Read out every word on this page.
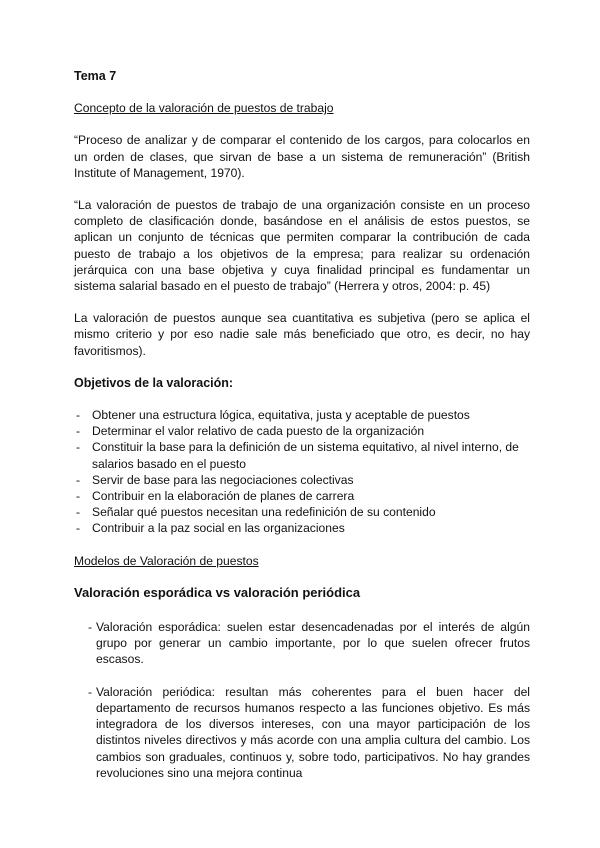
Tema 7
Concepto de la valoración de puestos de trabajo
“Proceso de analizar y de comparar el contenido de los cargos, para colocarlos en un orden de clases, que sirvan de base a un sistema de remuneración” (British Institute of Management, 1970).
“La valoración de puestos de trabajo de una organización consiste en un proceso completo de clasificación donde, basándose en el análisis de estos puestos, se aplican un conjunto de técnicas que permiten comparar la contribución de cada puesto de trabajo a los objetivos de la empresa; para realizar su ordenación jerárquica con una base objetiva y cuya finalidad principal es fundamentar un sistema salarial basado en el puesto de trabajo” (Herrera y otros, 2004: p. 45)
La valoración de puestos aunque sea cuantitativa es subjetiva (pero se aplica el mismo criterio y por eso nadie sale más beneficiado que otro, es decir, no hay favoritismos).
Objetivos de la valoración:
- Obtener una estructura lógica, equitativa, justa y aceptable de puestos
- Determinar el valor relativo de cada puesto de la organización
- Constituir la base para la definición de un sistema equitativo, al nivel interno, de salarios basado en el puesto
- Servir de base para las negociaciones colectivas
- Contribuir en la elaboración de planes de carrera
- Señalar qué puestos necesitan una redefinición de su contenido
- Contribuir a la paz social en las organizaciones
Modelos de Valoración de puestos
Valoración esporádica vs valoración periódica
- Valoración esporádica: suelen estar desencadenadas por el interés de algún grupo por generar un cambio importante, por lo que suelen ofrecer frutos escasos.
- Valoración periódica: resultan más coherentes para el buen hacer del departamento de recursos humanos respecto a las funciones objetivo. Es más integradora de los diversos intereses, con una mayor participación de los distintos niveles directivos y más acorde con una amplia cultura del cambio. Los cambios son graduales, continuos y, sobre todo, participativos. No hay grandes revoluciones sino una mejora continua
